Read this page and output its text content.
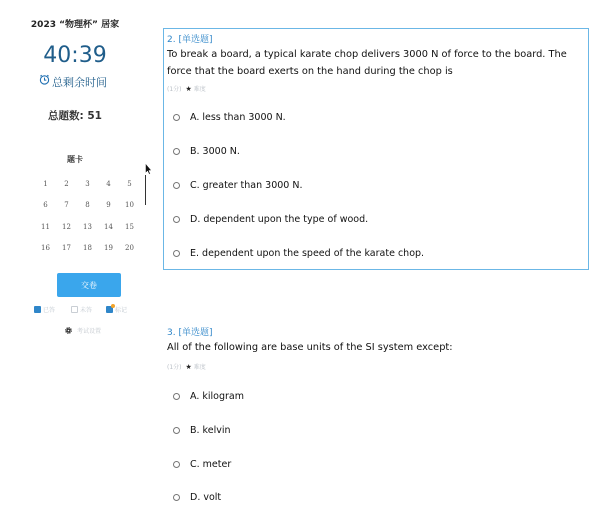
2023 “物理杯” 居家
40:39
总剩余时间
总题数: 51
题卡
1	2	3	4	5
6	7	8	9	10
11	12	13	14	15
16	17	18	19	20
交卷
已答	未答	标记
考试设置
2. [单选题]
To break a board, a typical karate chop delivers 3000 N of force to the board. The force that the board exerts on the hand during the chop is
(1分) ★ 难度
A. less than 3000 N.
B. 3000 N.
C. greater than 3000 N.
D. dependent upon the type of wood.
E. dependent upon the speed of the karate chop.
3. [单选题]
All of the following are base units of the SI system except:
(1分) ★ 难度
A. kilogram
B. kelvin
C. meter
D. volt
